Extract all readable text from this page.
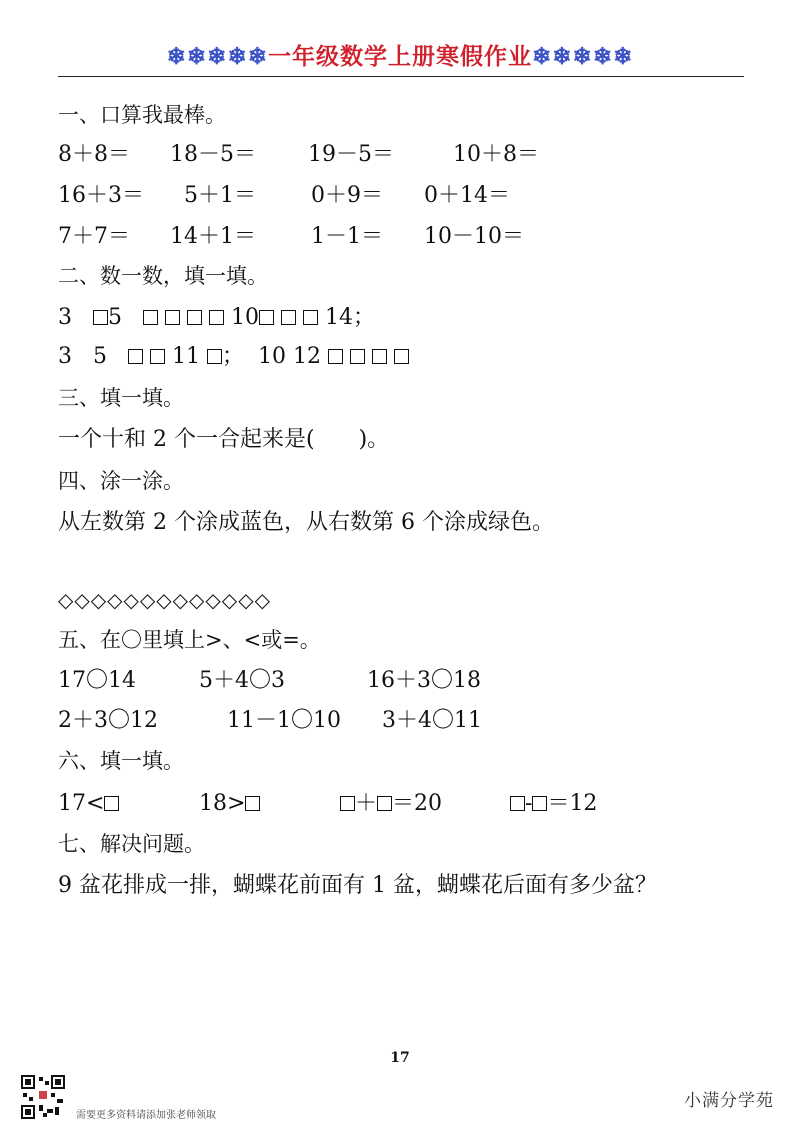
❄❄❄❄❄一年级数学上册寒假作业❄❄❄❄❄
一、口算我最棒。
8＋8＝ 18－5＝ 19－5＝	10＋8＝
16＋3＝ 5＋1＝	0＋9＝ 0＋14＝
7＋7＝ 14＋1＝	1－1＝ 10－10＝
二、数一数，填一填。
3 5	10	14；
3 5	11 ； 10 12
三、填一填。
一个十和 2 个一合起来是(　　)。
四、涂一涂。
从左数第 2 个涂成蓝色，从右数第 6 个涂成绿色。
◇◇◇◇◇◇◇◇◇◇◇◇◇
五、在〇里填上>、<或=。
17〇14	5＋4〇3	16＋3〇18
2＋3〇12	11－1〇10 3＋4〇11
六、填一填。
17<	18>	＋ ＝20	- ＝12
七、解决问题。
9 盆花排成一排，蝴蝶花前面有 1 盆，蝴蝶花后面有多少盆？
17
需要更多资料请添加张老师领取
小满分学苑
